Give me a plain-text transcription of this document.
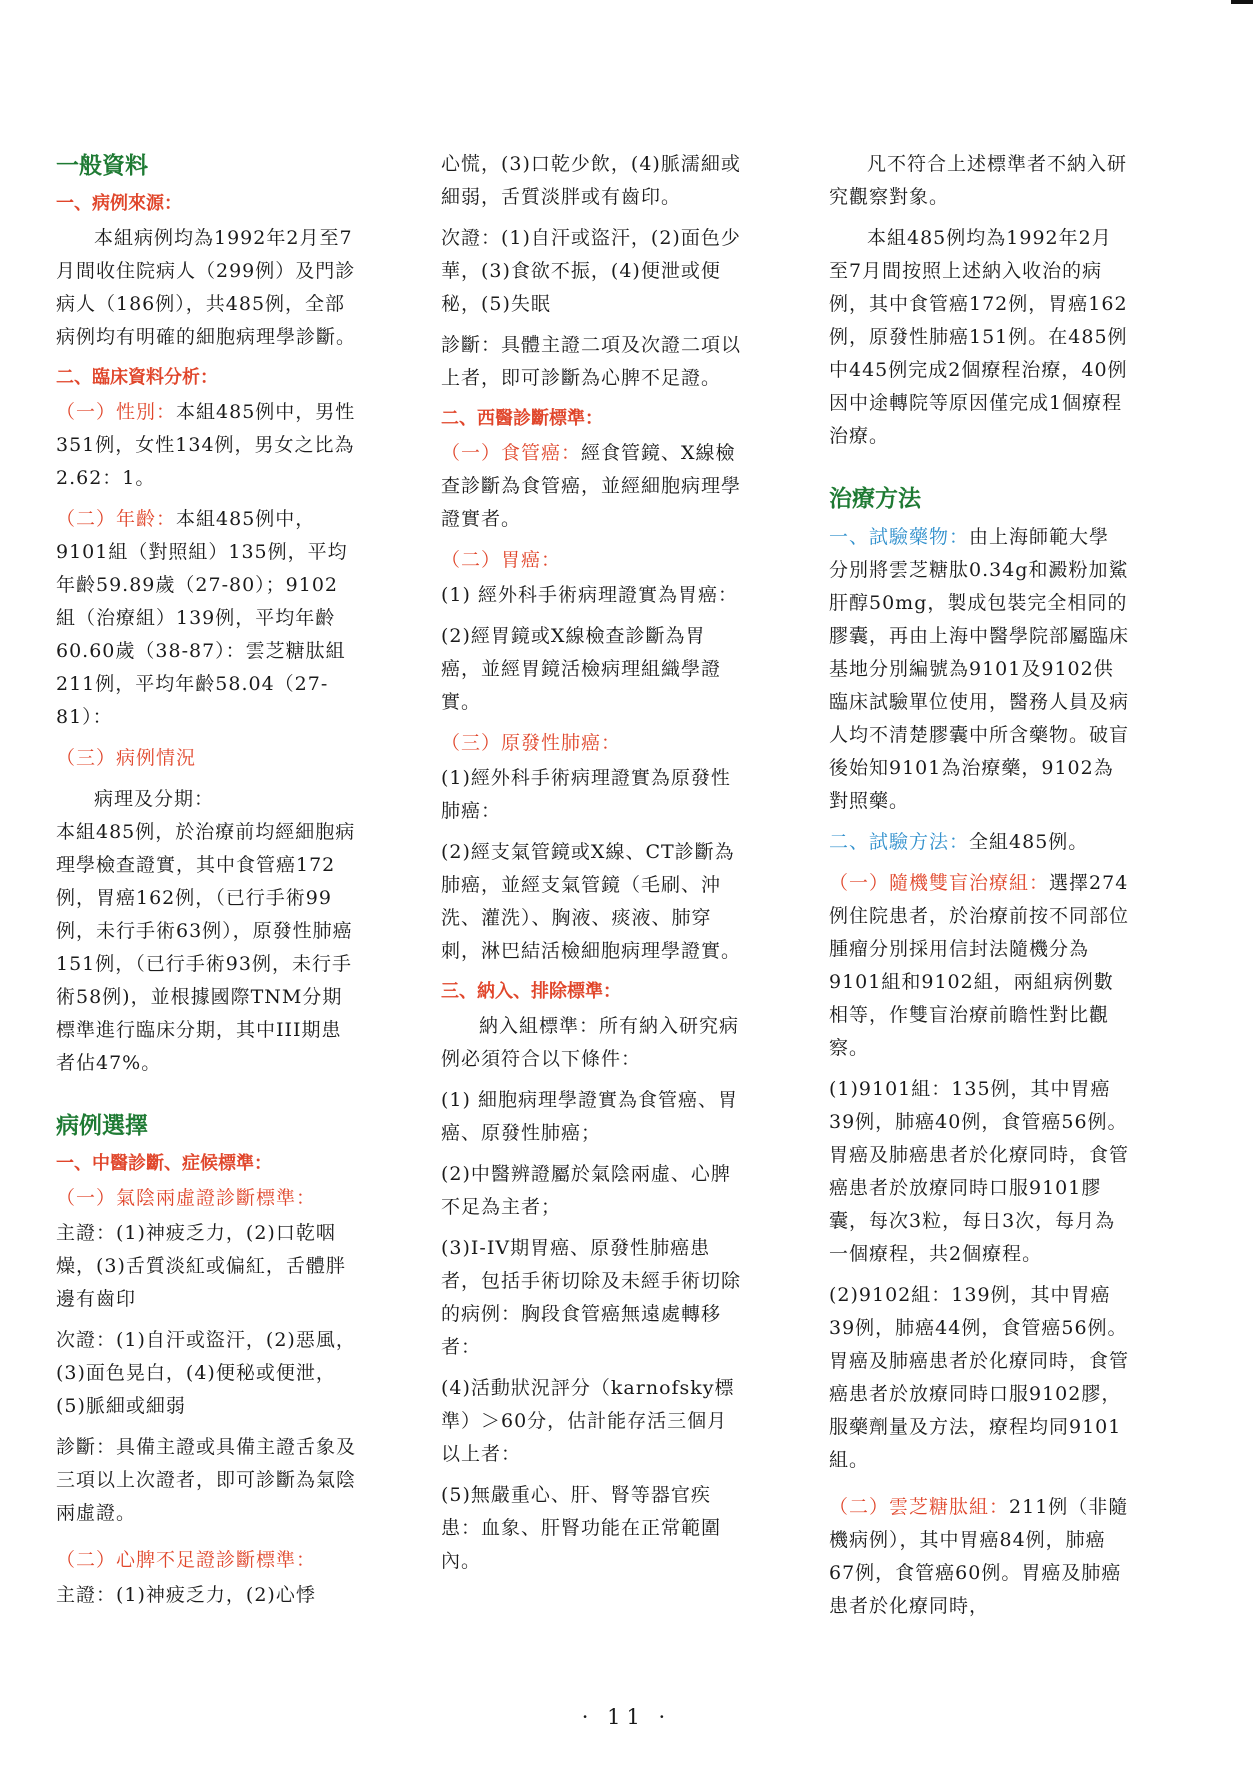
一般資料
一、病例來源：

本組病例均為1992年2月至7月間收住院病人（299例）及門診病人（186例），共485例，全部病例均有明確的細胞病理學診斷。

二、臨床資料分析：

（一）性別：本組485例中，男性351例，女性134例，男女之比為2.62：1。

（二）年齡：本組485例中，9101組（對照組）135例，平均年齡59.89歲（27-80）；9102組（治療組）139例，平均年齡60.60歲（38-87）：雲芝糖肽組211例，平均年齡58.04（27-81）：

（三）病例情況

病理及分期：

本組485例，於治療前均經細胞病理學檢查證實，其中食管癌172例，胃癌162例，（已行手術99例，未行手術63例），原發性肺癌151例，（已行手術93例，未行手術58例)，並根據國際TNM分期標準進行臨床分期，其中III期患者佔47%。

病例選擇
一、中醫診斷、症候標準：

（一）氣陰兩虛證診斷標準：

主證：(1)神疲乏力，(2)口乾咽燥，(3)舌質淡紅或偏紅，舌體胖邊有齒印

次證：(1)自汗或盜汗，(2)惡風，(3)面色晃白，(4)便秘或便泄，(5)脈細或細弱

診斷：具備主證或具備主證舌象及三項以上次證者，即可診斷為氣陰兩虛證。

（二）心脾不足證診斷標準：

主證：(1)神疲乏力，(2)心悸

心慌，(3)口乾少飲，(4)脈濡細或細弱，舌質淡胖或有齒印。

次證：(1)自汗或盜汗，(2)面色少華，(3)食欲不振，(4)便泄或便秘，(5)失眠

診斷：具體主證二項及次證二項以上者，即可診斷為心脾不足證。

二、西醫診斷標準：

（一）食管癌：經食管鏡、X線檢查診斷為食管癌，並經細胞病理學證實者。

（二）胃癌：

(1) 經外科手術病理證實為胃癌：

(2)經胃鏡或X線檢查診斷為胃癌，並經胃鏡活檢病理組織學證實。

（三）原發性肺癌：

(1)經外科手術病理證實為原發性肺癌：

(2)經支氣管鏡或X線、CT診斷為肺癌，並經支氣管鏡（毛刷、沖洗、灌洗）、胸液、痰液、肺穿刺，淋巴結活檢細胞病理學證實。

三、納入、排除標準：

納入組標準：所有納入研究病例必須符合以下條件：

(1) 細胞病理學證實為食管癌、胃癌、原發性肺癌；

(2)中醫辨證屬於氣陰兩虛、心脾不足為主者；

(3)I-IV期胃癌、原發性肺癌患者，包括手術切除及未經手術切除的病例：胸段食管癌無遠處轉移者：

(4)活動狀況評分（karnofsky標準）＞60分，估計能存活三個月以上者：

(5)無嚴重心、肝、腎等器官疾患：血象、肝腎功能在正常範圍內。

凡不符合上述標準者不納入研究觀察對象。

本組485例均為1992年2月至7月間按照上述納入收治的病例，其中食管癌172例，胃癌162例，原發性肺癌151例。在485例中445例完成2個療程治療，40例因中途轉院等原因僅完成1個療程治療。

治療方法

一、試驗藥物：由上海師範大學分別將雲芝糖肽0.34g和澱粉加鯊肝醇50mg，製成包裝完全相同的膠囊，再由上海中醫學院部屬臨床基地分別編號為9101及9102供臨床試驗單位使用，醫務人員及病人均不清楚膠囊中所含藥物。破盲後始知9101為治療藥，9102為對照藥。

二、試驗方法：全組485例。

（一）隨機雙盲治療組：選擇274例住院患者，於治療前按不同部位腫瘤分別採用信封法隨機分為9101組和9102組，兩組病例數相等，作雙盲治療前瞻性對比觀察。

(1)9101組：135例，其中胃癌39例，肺癌40例，食管癌56例。胃癌及肺癌患者於化療同時，食管癌患者於放療同時口服9101膠囊，每次3粒，每日3次，每月為一個療程，共2個療程。

(2)9102組：139例，其中胃癌39例，肺癌44例，食管癌56例。胃癌及肺癌患者於化療同時，食管癌患者於放療同時口服9102膠，服藥劑量及方法，療程均同9101組。

（二）雲芝糖肽組：211例（非隨機病例），其中胃癌84例，肺癌67例，食管癌60例。胃癌及肺癌患者於化療同時，

· 11 ·
